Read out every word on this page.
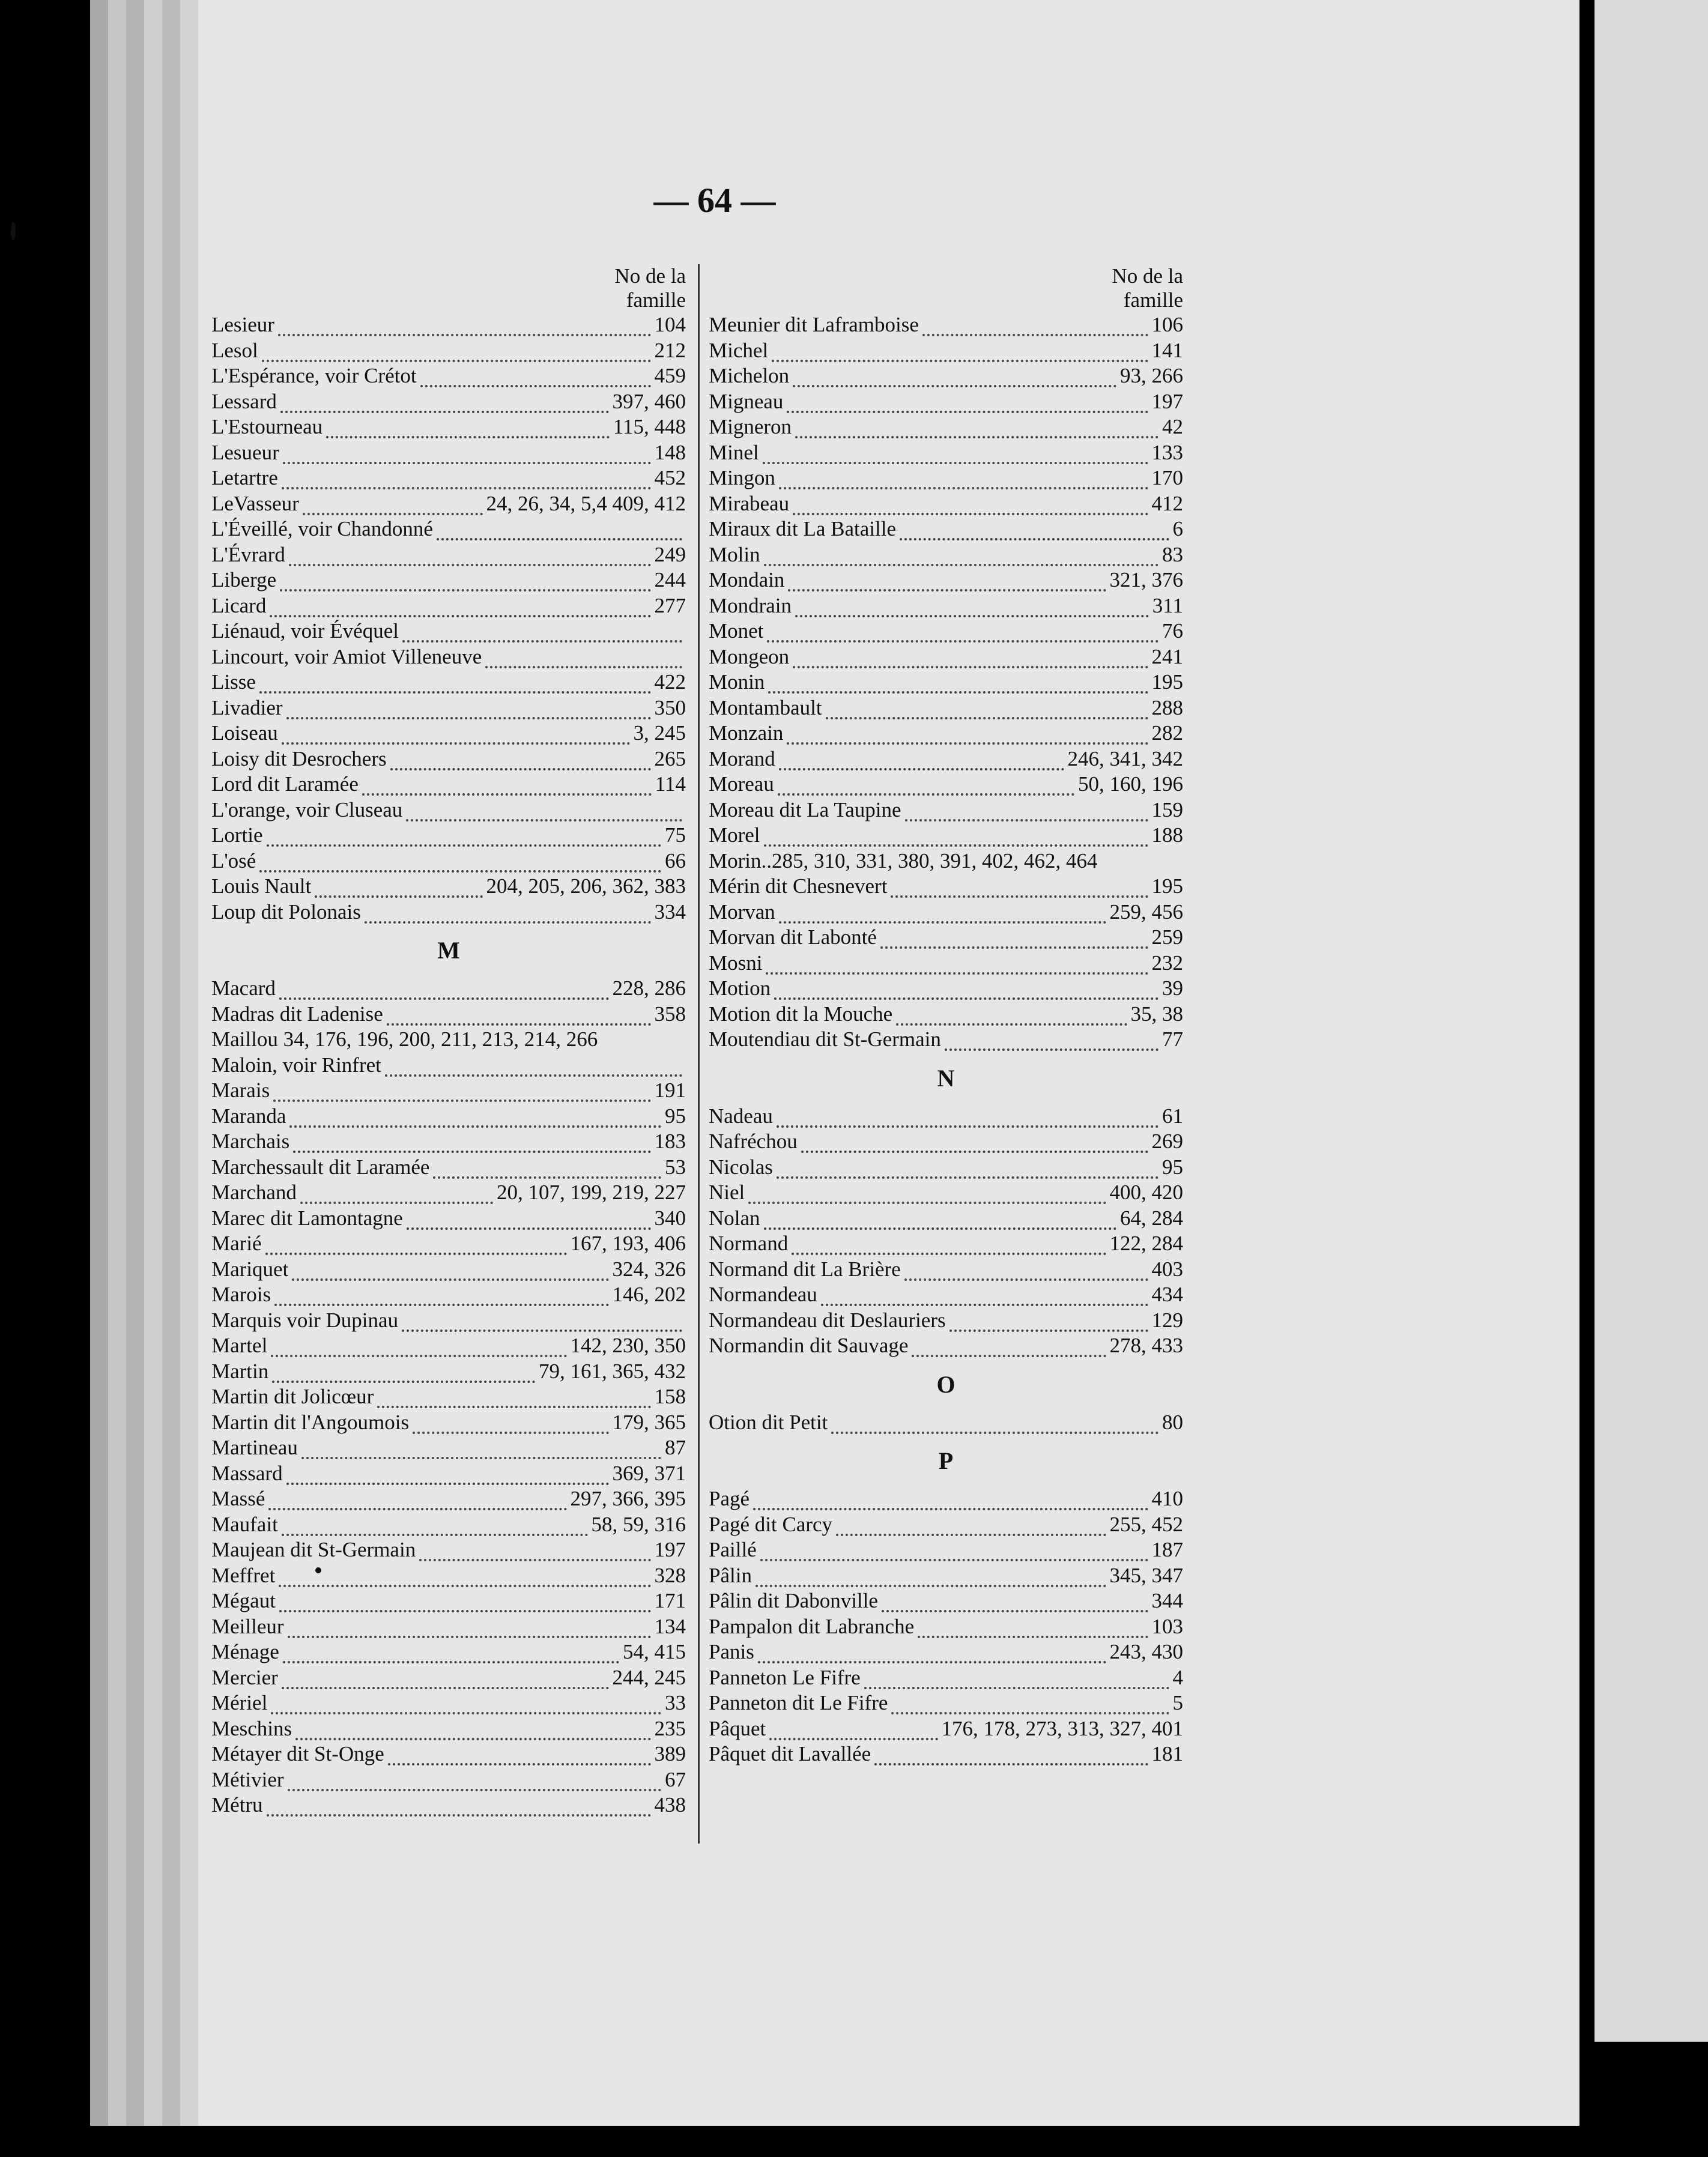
— 64 —
No de la
famille
Lesieur	104
Lesol	212
L'Espérance, voir Crétot	459
Lessard	397, 460
L'Estourneau	115, 448
Lesueur	148
Letartre	452
LeVasseur	24, 26, 34, 5,4 409, 412
L'Éveillé, voir Chandonné
L'Évrard	249
Liberge	244
Licard	277
Liénaud, voir Évéquel
Lincourt, voir Amiot Villeneuve
Lisse	422
Livadier	350
Loiseau	3, 245
Loisy dit Desrochers	265
Lord dit Laramée	114
L'orange, voir Cluseau
Lortie	75
L'osé	66
Louis Nault	204, 205, 206, 362, 383
Loup dit Polonais	334
M
Macard	228, 286
Madras dit Ladenise	358
Maillou 34, 176, 196, 200, 211, 213, 214, 266
Maloin, voir Rinfret
Marais	191
Maranda	95
Marchais	183
Marchessault dit Laramée	53
Marchand	20, 107, 199, 219, 227
Marec dit Lamontagne	340
Marié	167, 193, 406
Mariquet	324, 326
Marois	146, 202
Marquis voir Dupinau
Martel	142, 230, 350
Martin	79, 161, 365, 432
Martin dit Jolicœur	158
Martin dit l'Angoumois	179, 365
Martineau	87
Massard	369, 371
Massé	297, 366, 395
Maufait	58, 59, 316
Maujean dit St-Germain	197
Meffret	328
Mégaut	171
Meilleur	134
Ménage	54, 415
Mercier	244, 245
Mériel	33
Meschins	235
Métayer dit St-Onge	389
Métivier	67
Métru	438
No de la
famille
Meunier dit Laframboise	106
Michel	141
Michelon	93, 266
Migneau	197
Migneron	42
Minel	133
Mingon	170
Mirabeau	412
Miraux dit La Bataille	6
Molin	83
Mondain	321, 376
Mondrain	311
Monet	76
Mongeon	241
Monin	195
Montambault	288
Monzain	282
Morand	246, 341, 342
Moreau	50, 160, 196
Moreau dit La Taupine	159
Morel	188
Morin..285, 310, 331, 380, 391, 402, 462, 464
Mérin dit Chesnevert	195
Morvan	259, 456
Morvan dit Labonté	259
Mosni	232
Motion	39
Motion dit la Mouche	35, 38
Moutendiau dit St-Germain	77
N
Nadeau	61
Nafréchou	269
Nicolas	95
Niel	400, 420
Nolan	64, 284
Normand	122, 284
Normand dit La Brière	403
Normandeau	434
Normandeau dit Deslauriers	129
Normandin dit Sauvage	278, 433
O
Otion dit Petit	80
P
Pagé	410
Pagé dit Carcy	255, 452
Paillé	187
Pâlin	345, 347
Pâlin dit Dabonville	344
Pampalon dit Labranche	103
Panis	243, 430
Panneton Le Fifre	4
Panneton dit Le Fifre	5
Pâquet	176, 178, 273, 313, 327, 401
Pâquet dit Lavallée	181
